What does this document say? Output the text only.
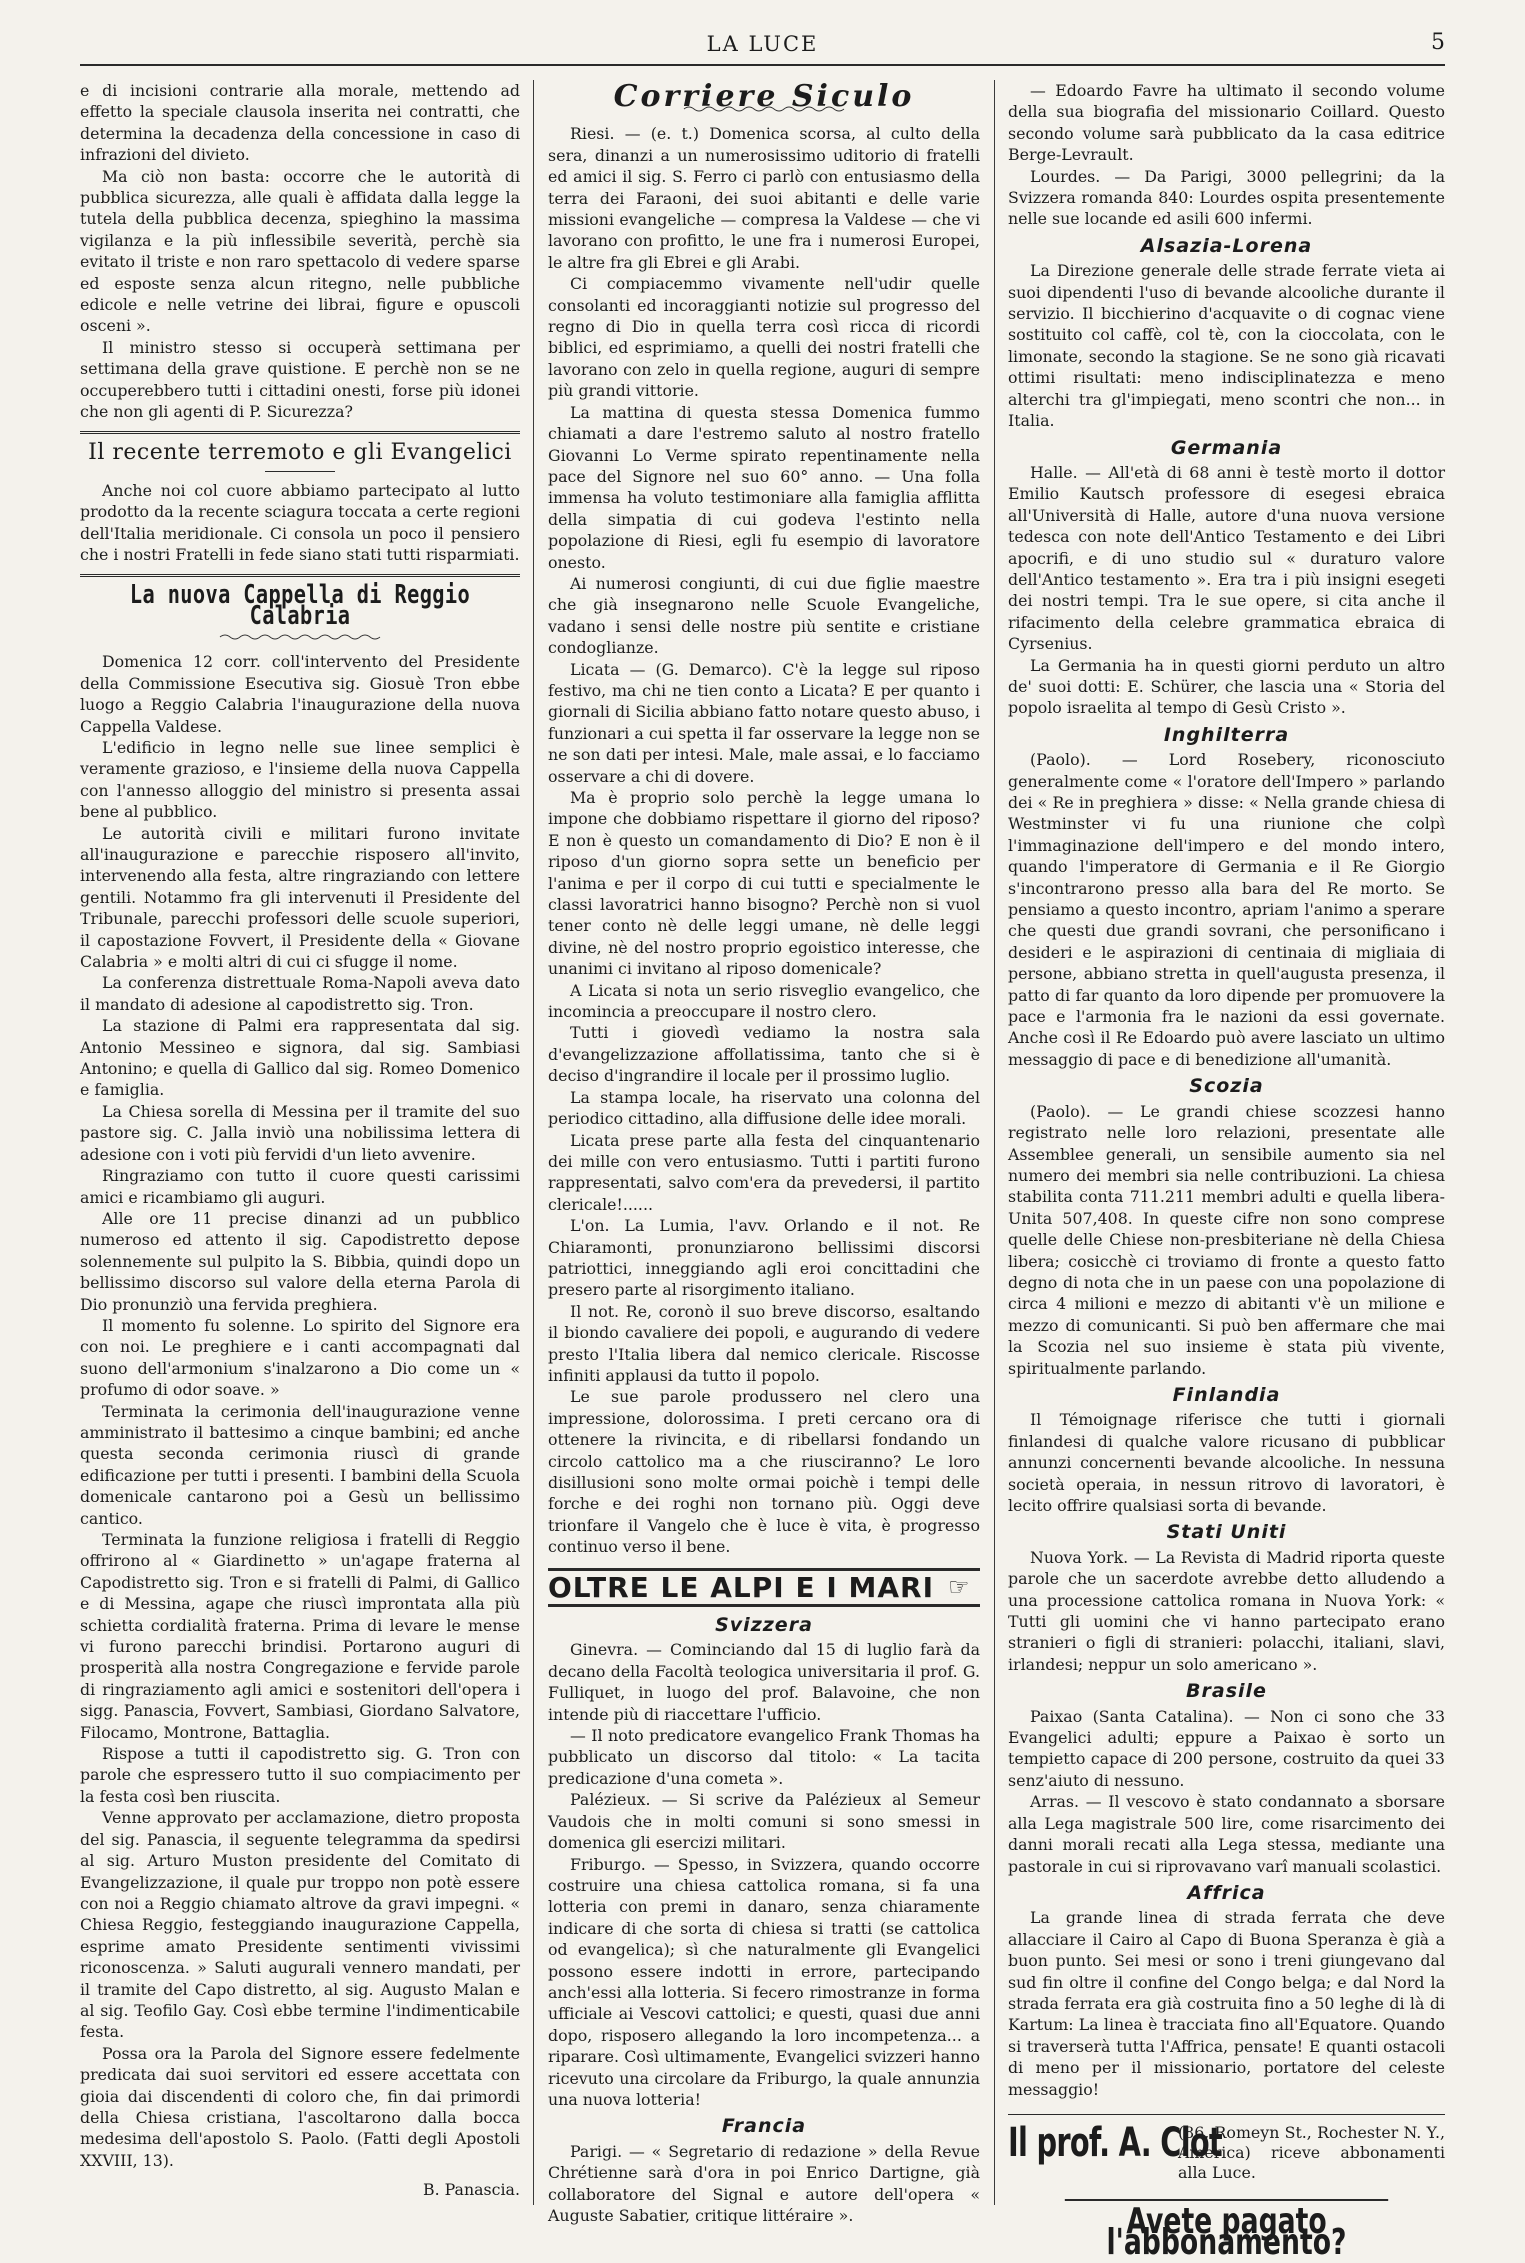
LA LUCE	5

e di incisioni contrarie alla morale, mettendo ad effetto la speciale clausola inserita nei contratti, che determina la decadenza della concessione in caso di infrazioni del divieto.

Ma ciò non basta: occorre che le autorità di pubblica sicurezza, alle quali è affidata dalla legge la tutela della pubblica decenza, spieghino la massima vigilanza e la più inflessibile severità, perchè sia evitato il triste e non raro spettacolo di vedere sparse ed esposte senza alcun ritegno, nelle pubbliche edicole e nelle vetrine dei librai, figure e opuscoli osceni ».

Il ministro stesso si occuperà settimana per settimana della grave quistione. E perchè non se ne occuperebbero tutti i cittadini onesti, forse più idonei che non gli agenti di P. Sicurezza?

Il recente terremoto e gli Evangelici

Anche noi col cuore abbiamo partecipato al lutto prodotto da la recente sciagura toccata a certe regioni dell'Italia meridionale. Ci consola un poco il pensiero che i nostri Fratelli in fede siano stati tutti risparmiati.

La nuova Cappella di Reggio Calabria

Domenica 12 corr. coll'intervento del Presidente della Commissione Esecutiva sig. Giosuè Tron ebbe luogo a Reggio Calabria l'inaugurazione della nuova Cappella Valdese.

L'edificio in legno nelle sue linee semplici è veramente grazioso, e l'insieme della nuova Cappella con l'annesso alloggio del ministro si presenta assai bene al pubblico.

Le autorità civili e militari furono invitate all'inaugurazione e parecchie risposero all'invito, intervenendo alla festa, altre ringraziando con lettere gentili. Notammo fra gli intervenuti il Presidente del Tribunale, parecchi professori delle scuole superiori, il capostazione Fovvert, il Presidente della « Giovane Calabria » e molti altri di cui ci sfugge il nome.

La conferenza distrettuale Roma-Napoli aveva dato il mandato di adesione al capodistretto sig. Tron.

La stazione di Palmi era rappresentata dal sig. Antonio Messineo e signora, dal sig. Sambiasi Antonino; e quella di Gallico dal sig. Romeo Domenico e famiglia.

La Chiesa sorella di Messina per il tramite del suo pastore sig. C. Jalla inviò una nobilissima lettera di adesione con i voti più fervidi d'un lieto avvenire.

Ringraziamo con tutto il cuore questi carissimi amici e ricambiamo gli auguri.

Alle ore 11 precise dinanzi ad un pubblico numeroso ed attento il sig. Capodistretto depose solennemente sul pulpito la S. Bibbia, quindi dopo un bellissimo discorso sul valore della eterna Parola di Dio pronunziò una fervida preghiera.

Il momento fu solenne. Lo spirito del Signore era con noi. Le preghiere e i canti accompagnati dal suono dell'armonium s'inalzarono a Dio come un « profumo di odor soave. »

Terminata la cerimonia dell'inaugurazione venne amministrato il battesimo a cinque bambini; ed anche questa seconda cerimonia riuscì di grande edificazione per tutti i presenti. I bambini della Scuola domenicale cantarono poi a Gesù un bellissimo cantico.

Terminata la funzione religiosa i fratelli di Reggio offrirono al « Giardinetto » un'agape fraterna al Capodistretto sig. Tron e si fratelli di Palmi, di Gallico e di Messina, agape che riuscì improntata alla più schietta cordialità fraterna. Prima di levare le mense vi furono parecchi brindisi. Portarono auguri di prosperità alla nostra Congregazione e fervide parole di ringraziamento agli amici e sostenitori dell'opera i sigg. Panascia, Fovvert, Sambiasi, Giordano Salvatore, Filocamo, Montrone, Battaglia.

Rispose a tutti il capodistretto sig. G. Tron con parole che espressero tutto il suo compiacimento per la festa così ben riuscita.

Venne approvato per acclamazione, dietro proposta del sig. Panascia, il seguente telegramma da spedirsi al sig. Arturo Muston presidente del Comitato di Evangelizzazione, il quale pur troppo non potè essere con noi a Reggio chiamato altrove da gravi impegni. « Chiesa Reggio, festeggiando inaugurazione Cappella, esprime amato Presidente sentimenti vivissimi riconoscenza. » Saluti augurali vennero mandati, per il tramite del Capo distretto, al sig. Augusto Malan e al sig. Teofilo Gay. Così ebbe termine l'indimenticabile festa.

Possa ora la Parola del Signore essere fedelmente predicata dai suoi servitori ed essere accettata con gioia dai discendenti di coloro che, fin dai primordi della Chiesa cristiana, l'ascoltarono dalla bocca medesima dell'apostolo S. Paolo. (Fatti degli Apostoli XXVIII, 13).

B. Panascia.

Corriere Siculo

Riesi. — (e. t.) Domenica scorsa, al culto della sera, dinanzi a un numerosissimo uditorio di fratelli ed amici il sig. S. Ferro ci parlò con entusiasmo della terra dei Faraoni, dei suoi abitanti e delle varie missioni evangeliche — compresa la Valdese — che vi lavorano con profitto, le une fra i numerosi Europei, le altre fra gli Ebrei e gli Arabi.

Ci compiacemmo vivamente nell'udir quelle consolanti ed incoraggianti notizie sul progresso del regno di Dio in quella terra così ricca di ricordi biblici, ed esprimiamo, a quelli dei nostri fratelli che lavorano con zelo in quella regione, auguri di sempre più grandi vittorie.

La mattina di questa stessa Domenica fummo chiamati a dare l'estremo saluto al nostro fratello Giovanni Lo Verme spirato repentinamente nella pace del Signore nel suo 60° anno. — Una folla immensa ha voluto testimoniare alla famiglia afflitta della simpatia di cui godeva l'estinto nella popolazione di Riesi, egli fu esempio di lavoratore onesto.

Ai numerosi congiunti, di cui due figlie maestre che già insegnarono nelle Scuole Evangeliche, vadano i sensi delle nostre più sentite e cristiane condoglianze.

Licata — (G. Demarco). C'è la legge sul riposo festivo, ma chi ne tien conto a Licata? E per quanto i giornali di Sicilia abbiano fatto notare questo abuso, i funzionari a cui spetta il far osservare la legge non se ne son dati per intesi. Male, male assai, e lo facciamo osservare a chi di dovere.

Ma è proprio solo perchè la legge umana lo impone che dobbiamo rispettare il giorno del riposo? E non è questo un comandamento di Dio? E non è il riposo d'un giorno sopra sette un beneficio per l'anima e per il corpo di cui tutti e specialmente le classi lavoratrici hanno bisogno? Perchè non si vuol tener conto nè delle leggi umane, nè delle leggi divine, nè del nostro proprio egoistico interesse, che unanimi ci invitano al riposo domenicale?

A Licata si nota un serio risveglio evangelico, che incomincia a preoccupare il nostro clero.

Tutti i giovedì vediamo la nostra sala d'evangelizzazione affollatissima, tanto che si è deciso d'ingrandire il locale per il prossimo luglio.

La stampa locale, ha riservato una colonna del periodico cittadino, alla diffusione delle idee morali.

Licata prese parte alla festa del cinquantenario dei mille con vero entusiasmo. Tutti i partiti furono rappresentati, salvo com'era da prevedersi, il partito clericale!......

L'on. La Lumia, l'avv. Orlando e il not. Re Chiaramonti, pronunziarono bellissimi discorsi patriottici, inneggiando agli eroi concittadini che presero parte al risorgimento italiano.

Il not. Re, coronò il suo breve discorso, esaltando il biondo cavaliere dei popoli, e augurando di vedere presto l'Italia libera dal nemico clericale. Riscosse infiniti applausi da tutto il popolo.

Le sue parole produssero nel clero una impressione, dolorossima. I preti cercano ora di ottenere la rivincita, e di ribellarsi fondando un circolo cattolico ma a che riusciranno? Le loro disillusioni sono molte ormai poichè i tempi delle forche e dei roghi non tornano più. Oggi deve trionfare il Vangelo che è luce è vita, è progresso continuo verso il bene.

OLTRE LE ALPI E I MARI ☞
Svizzera

Ginevra. — Cominciando dal 15 di luglio farà da decano della Facoltà teologica universitaria il prof. G. Fulliquet, in luogo del prof. Balavoine, che non intende più di riaccettare l'ufficio.

— Il noto predicatore evangelico Frank Thomas ha pubblicato un discorso dal titolo: « La tacita predicazione d'una cometa ».

Palézieux. — Si scrive da Palézieux al Semeur Vaudois che in molti comuni si sono smessi in domenica gli esercizi militari.

Friburgo. — Spesso, in Svizzera, quando occorre costruire una chiesa cattolica romana, si fa una lotteria con premi in danaro, senza chiaramente indicare di che sorta di chiesa si tratti (se cattolica od evangelica); sì che naturalmente gli Evangelici possono essere indotti in errore, partecipando anch'essi alla lotteria. Si fecero rimostranze in forma ufficiale ai Vescovi cattolici; e questi, quasi due anni dopo, risposero allegando la loro incompetenza... a riparare. Così ultimamente, Evangelici svizzeri hanno ricevuto una circolare da Friburgo, la quale annunzia una nuova lotteria!

Francia

Parigi. — « Segretario di redazione » della Revue Chrétienne sarà d'ora in poi Enrico Dartigne, già collaboratore del Signal e autore dell'opera « Auguste Sabatier, critique littéraire ».

— Edoardo Favre ha ultimato il secondo volume della sua biografia del missionario Coillard. Questo secondo volume sarà pubblicato da la casa editrice Berge-Levrault.

Lourdes. — Da Parigi, 3000 pellegrini; da la Svizzera romanda 840: Lourdes ospita presentemente nelle sue locande ed asili 600 infermi.

Alsazia-Lorena

La Direzione generale delle strade ferrate vieta ai suoi dipendenti l'uso di bevande alcooliche durante il servizio. Il bicchierino d'acquavite o di cognac viene sostituito col caffè, col tè, con la cioccolata, con le limonate, secondo la stagione. Se ne sono già ricavati ottimi risultati: meno indisciplinatezza e meno alterchi tra gl'impiegati, meno scontri che non... in Italia.

Germania

Halle. — All'età di 68 anni è testè morto il dottor Emilio Kautsch professore di esegesi ebraica all'Università di Halle, autore d'una nuova versione tedesca con note dell'Antico Testamento e dei Libri apocrifi, e di uno studio sul « duraturo valore dell'Antico testamento ». Era tra i più insigni esegeti dei nostri tempi. Tra le sue opere, si cita anche il rifacimento della celebre grammatica ebraica di Cyrsenius.

La Germania ha in questi giorni perduto un altro de' suoi dotti: E. Schürer, che lascia una « Storia del popolo israelita al tempo di Gesù Cristo ».

Inghilterra

(Paolo). — Lord Rosebery, riconosciuto generalmente come « l'oratore dell'Impero » parlando dei « Re in preghiera » disse: « Nella grande chiesa di Westminster vi fu una riunione che colpì l'immaginazione dell'impero e del mondo intero, quando l'imperatore di Germania e il Re Giorgio s'incontrarono presso alla bara del Re morto. Se pensiamo a questo incontro, apriam l'animo a sperare che questi due grandi sovrani, che personificano i desideri e le aspirazioni di centinaia di migliaia di persone, abbiano stretta in quell'augusta presenza, il patto di far quanto da loro dipende per promuovere la pace e l'armonia fra le nazioni da essi governate. Anche così il Re Edoardo può avere lasciato un ultimo messaggio di pace e di benedizione all'umanità.

Scozia

(Paolo). — Le grandi chiese scozzesi hanno registrato nelle loro relazioni, presentate alle Assemblee generali, un sensibile aumento sia nel numero dei membri sia nelle contribuzioni. La chiesa stabilita conta 711.211 membri adulti e quella libera-Unita 507,408. In queste cifre non sono comprese quelle delle Chiese non-presbiteriane nè della Chiesa libera; cosicchè ci troviamo di fronte a questo fatto degno di nota che in un paese con una popolazione di circa 4 milioni e mezzo di abitanti v'è un milione e mezzo di comunicanti. Si può ben affermare che mai la Scozia nel suo insieme è stata più vivente, spiritualmente parlando.

Finlandia

Il Témoignage riferisce che tutti i giornali finlandesi di qualche valore ricusano di pubblicar annunzi concernenti bevande alcooliche. In nessuna società operaia, in nessun ritrovo di lavoratori, è lecito offrire qualsiasi sorta di bevande.

Stati Uniti

Nuova York. — La Revista di Madrid riporta queste parole che un sacerdote avrebbe detto alludendo a una processione cattolica romana in Nuova York: « Tutti gli uomini che vi hanno partecipato erano stranieri o figli di stranieri: polacchi, italiani, slavi, irlandesi; neppur un solo americano ».

Brasile

Paixao (Santa Catalina). — Non ci sono che 33 Evangelici adulti; eppure a Paixao è sorto un tempietto capace di 200 persone, costruito da quei 33 senz'aiuto di nessuno.

Arras. — Il vescovo è stato condannato a sborsare alla Lega magistrale 500 lire, come risarcimento dei danni morali recati alla Lega stessa, mediante una pastorale in cui si riprovavano varî manuali scolastici.

Affrica

La grande linea di strada ferrata che deve allacciare il Cairo al Capo di Buona Speranza è già a buon punto. Sei mesi or sono i treni giungevano dal sud fin oltre il confine del Congo belga; e dal Nord la strada ferrata era già costruita fino a 50 leghe di là di Kartum: La linea è tracciata fino all'Equatore. Quando si traverserà tutta l'Affrica, pensate! E quanti ostacoli di meno per il missionario, portatore del celeste messaggio!

Il prof. A. Clot

(86, Romeyn St., Rochester N. Y., America) riceve abbonamenti alla Luce.

Avete pagato l'abbonamento?
